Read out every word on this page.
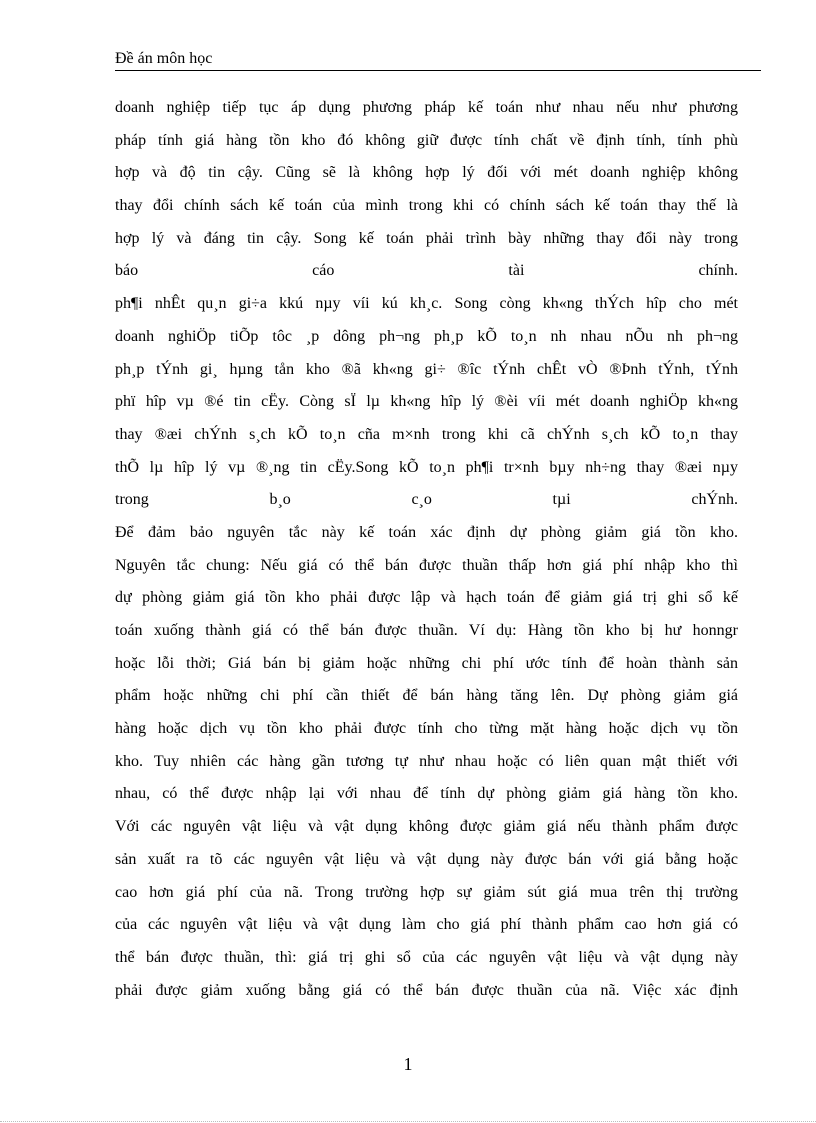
Đề án môn học
doanh nghiệp tiếp tục áp dụng phương pháp kế toán như nhau nếu như phương
pháp tính giá hàng tồn kho đó không giữ được tính chất về định tính, tính phù
hợp và độ tin cậy. Cũng sẽ là không hợp lý đối với mét doanh nghiệp không
thay đổi chính sách kế toán của mình trong khi có chính sách kế toán thay thế là
hợp lý và đáng tin cậy. Song kế toán phải trình bày những thay đổi này trong
báo cáo tài chính.
ph¶i nhÊt qu¸n gi÷a kkú nµy víi kú kh¸c. Song còng kh«ng thÝch hîp cho mét
doanh nghiÖp tiÕp tôc ¸p dông ph¬ng ph¸p kÕ to¸n nh nhau nÕu nh ph¬ng
ph¸p tÝnh gi¸ hµng tån kho ®ã kh«ng gi÷ ®îc tÝnh chÊt vÒ ®Þnh tÝnh, tÝnh
phï hîp vµ ®é tin cËy. Còng sÏ lµ kh«ng hîp lý ®èi víi mét doanh nghiÖp kh«ng
thay ®æi chÝnh s¸ch kÕ to¸n cña m×nh trong khi cã chÝnh s¸ch kÕ to¸n thay
thÕ lµ hîp lý vµ ®¸ng tin cËy.Song kÕ to¸n ph¶i tr×nh bµy nh÷ng thay ®æi nµy
trong b¸o c¸o tµi chÝnh.
Để đảm bảo nguyên tắc này kế toán xác định dự phòng giảm giá tồn kho.
Nguyên tắc chung: Nếu giá có thể bán được thuần thấp hơn giá phí nhập kho thì
dự phòng giảm giá tồn kho phải được lập và hạch toán để giảm giá trị ghi sổ kế
toán xuống thành giá có thể bán được thuần. Ví dụ: Hàng tồn kho bị hư honngr
hoặc lỗi thời; Giá bán bị giảm hoặc những chi phí ước tính để hoàn thành sản
phẩm hoặc những chi phí cần thiết để bán hàng tăng lên. Dự phòng giảm giá
hàng hoặc dịch vụ tồn kho phải được tính cho từng mặt hàng hoặc dịch vụ tồn
kho. Tuy nhiên các hàng gần tương tự như nhau hoặc có liên quan mật thiết với
nhau, có thể được nhập lại với nhau để tính dự phòng giảm giá hàng tồn kho.
Với các nguyên vật liệu và vật dụng không được giảm giá nếu thành phẩm được
sản xuất ra tõ các nguyên vật liệu và vật dụng này được bán với giá bằng hoặc
cao hơn giá phí của nã. Trong trường hợp sự giảm sút giá mua trên thị trường
của các nguyên vật liệu và vật dụng làm cho giá phí thành phẩm cao hơn giá có
thể bán được thuần, thì: giá trị ghi sổ của các nguyên vật liệu và vật dụng này
phải được giảm xuống bằng giá có thể bán được thuần của nã. Việc xác định
1
